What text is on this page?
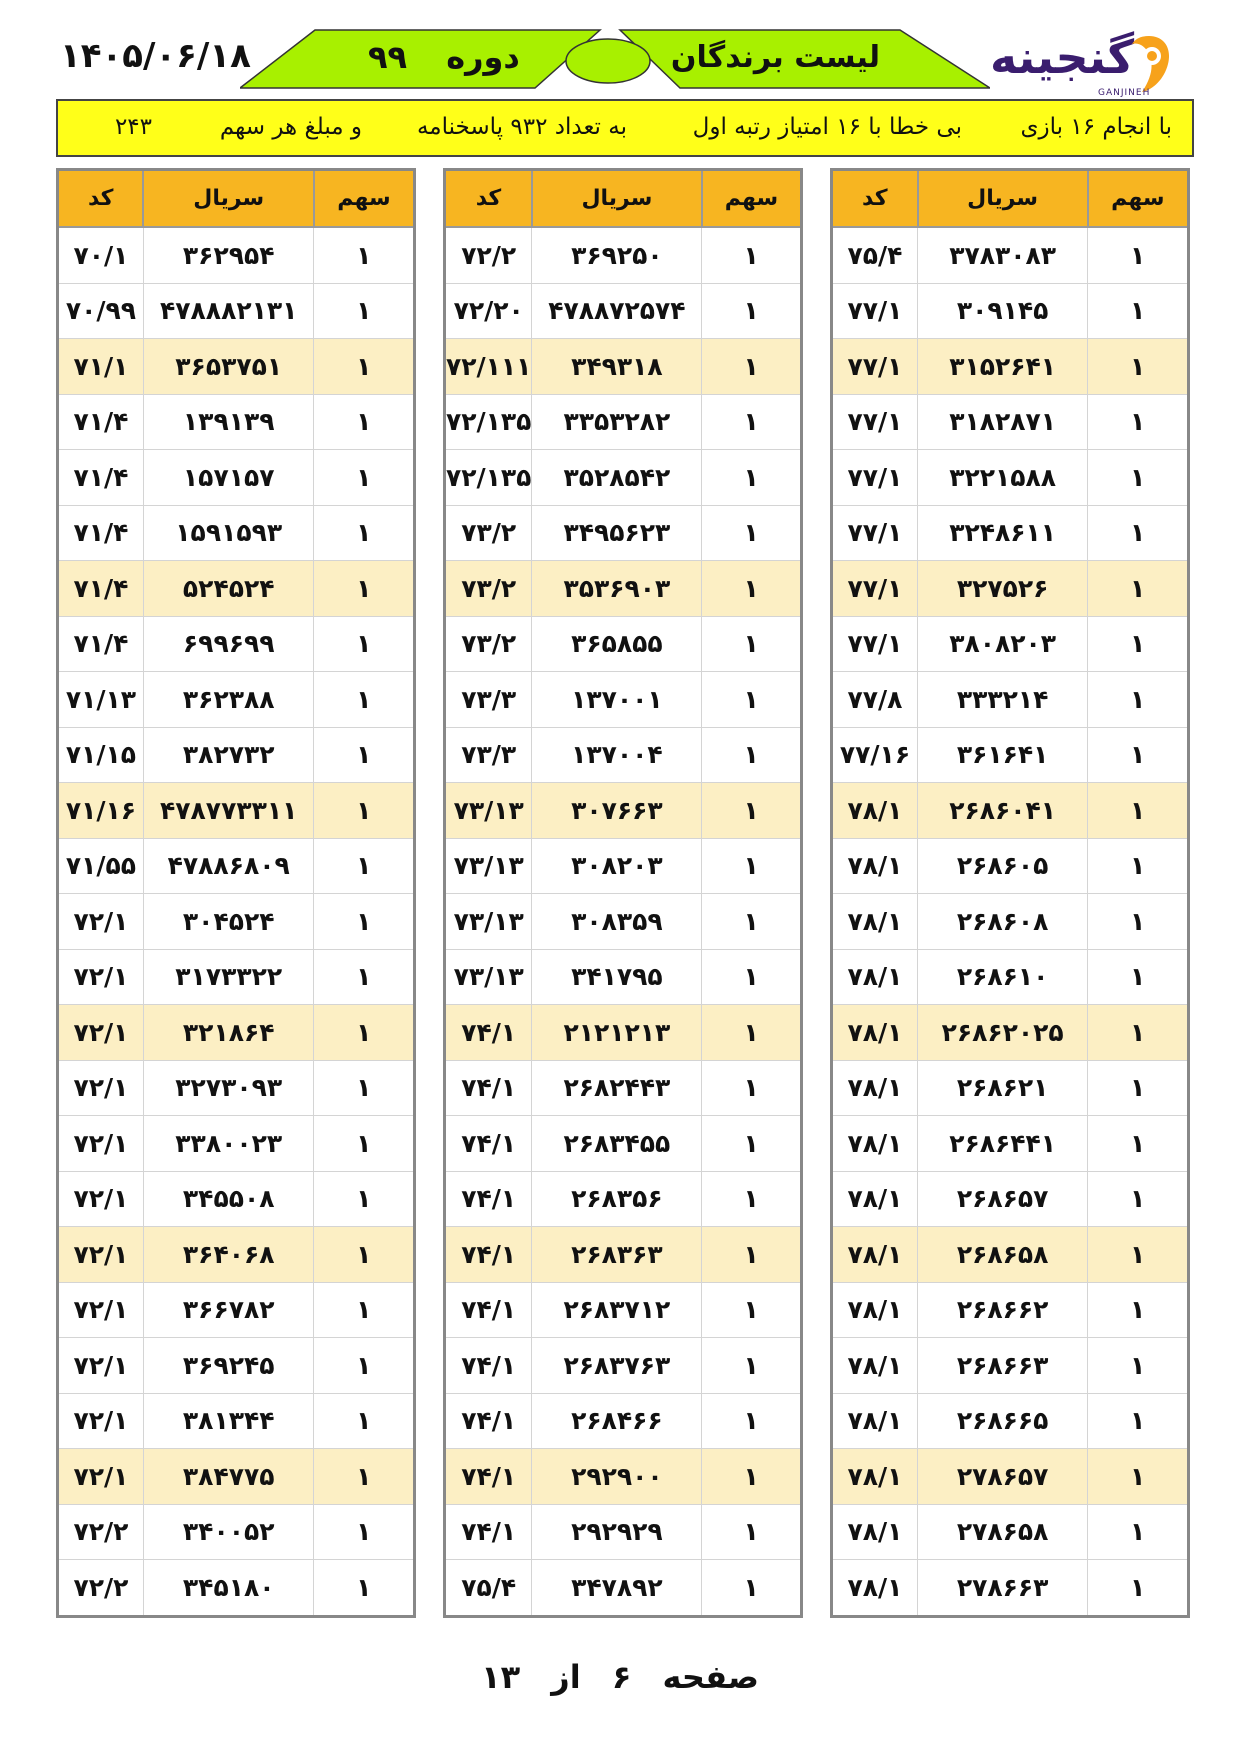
۱۴۰۵/۰۶/۱۸	دوره ۹۹	لیست برندگان گنجینه
GANJINEH
با انجام ۱۶ بازی
بی خطا با ۱۶ امتیاز رتبه اول
به تعداد ۹۳۲ پاسخنامه
و مبلغ هر سهم
۲۴۳
سهم	سریال	کد
۱	۳۷۸۳۰۸۳	۷۵/۴
۱	۳۰۹۱۴۵	۷۷/۱
۱	۳۱۵۲۶۴۱	۷۷/۱
۱	۳۱۸۲۸۷۱	۷۷/۱
۱	۳۲۲۱۵۸۸	۷۷/۱
۱	۳۲۴۸۶۱۱	۷۷/۱
۱	۳۲۷۵۲۶	۷۷/۱
۱	۳۸۰۸۲۰۳	۷۷/۱
۱	۳۳۳۲۱۴	۷۷/۸
۱	۳۶۱۶۴۱	۷۷/۱۶
۱	۲۶۸۶۰۴۱	۷۸/۱
۱	۲۶۸۶۰۵	۷۸/۱
۱	۲۶۸۶۰۸	۷۸/۱
۱	۲۶۸۶۱۰	۷۸/۱
۱	۲۶۸۶۲۰۲۵	۷۸/۱
۱	۲۶۸۶۲۱	۷۸/۱
۱	۲۶۸۶۴۴۱	۷۸/۱
۱	۲۶۸۶۵۷	۷۸/۱
۱	۲۶۸۶۵۸	۷۸/۱
۱	۲۶۸۶۶۲	۷۸/۱
۱	۲۶۸۶۶۳	۷۸/۱
۱	۲۶۸۶۶۵	۷۸/۱
۱	۲۷۸۶۵۷	۷۸/۱
۱	۲۷۸۶۵۸	۷۸/۱
۱	۲۷۸۶۶۳	۷۸/۱
سهم	سریال	کد
۱	۳۶۹۲۵۰	۷۲/۲
۱	۴۷۸۸۷۲۵۷۴	۷۲/۲۰
۱	۳۴۹۳۱۸	۷۲/۱۱۱
۱	۳۳۵۳۲۸۲	۷۲/۱۳۵
۱	۳۵۲۸۵۴۲	۷۲/۱۳۵
۱	۳۴۹۵۶۲۳	۷۳/۲
۱	۳۵۳۶۹۰۳	۷۳/۲
۱	۳۶۵۸۵۵	۷۳/۲
۱	۱۳۷۰۰۱	۷۳/۳
۱	۱۳۷۰۰۴	۷۳/۳
۱	۳۰۷۶۶۳	۷۳/۱۳
۱	۳۰۸۲۰۳	۷۳/۱۳
۱	۳۰۸۳۵۹	۷۳/۱۳
۱	۳۴۱۷۹۵	۷۳/۱۳
۱	۲۱۲۱۲۱۳	۷۴/۱
۱	۲۶۸۲۴۴۳	۷۴/۱
۱	۲۶۸۳۴۵۵	۷۴/۱
۱	۲۶۸۳۵۶	۷۴/۱
۱	۲۶۸۳۶۳	۷۴/۱
۱	۲۶۸۳۷۱۲	۷۴/۱
۱	۲۶۸۳۷۶۳	۷۴/۱
۱	۲۶۸۴۶۶	۷۴/۱
۱	۲۹۲۹۰۰	۷۴/۱
۱	۲۹۲۹۲۹	۷۴/۱
۱	۳۴۷۸۹۲	۷۵/۴
سهم	سریال	کد
۱	۳۶۲۹۵۴	۷۰/۱
۱	۴۷۸۸۸۲۱۳۱	۷۰/۹۹
۱	۳۶۵۳۷۵۱	۷۱/۱
۱	۱۳۹۱۳۹	۷۱/۴
۱	۱۵۷۱۵۷	۷۱/۴
۱	۱۵۹۱۵۹۳	۷۱/۴
۱	۵۲۴۵۲۴	۷۱/۴
۱	۶۹۹۶۹۹	۷۱/۴
۱	۳۶۲۳۸۸	۷۱/۱۳
۱	۳۸۲۷۳۲	۷۱/۱۵
۱	۴۷۸۷۷۳۳۱۱	۷۱/۱۶
۱	۴۷۸۸۶۸۰۹	۷۱/۵۵
۱	۳۰۴۵۲۴	۷۲/۱
۱	۳۱۷۳۳۲۲	۷۲/۱
۱	۳۲۱۸۶۴	۷۲/۱
۱	۳۲۷۳۰۹۳	۷۲/۱
۱	۳۳۸۰۰۲۳	۷۲/۱
۱	۳۴۵۵۰۸	۷۲/۱
۱	۳۶۴۰۶۸	۷۲/۱
۱	۳۶۶۷۸۲	۷۲/۱
۱	۳۶۹۲۴۵	۷۲/۱
۱	۳۸۱۳۴۴	۷۲/۱
۱	۳۸۴۷۷۵	۷۲/۱
۱	۳۴۰۰۵۲	۷۲/۲
۱	۳۴۵۱۸۰	۷۲/۲
صفحه ۶ از ۱۳
